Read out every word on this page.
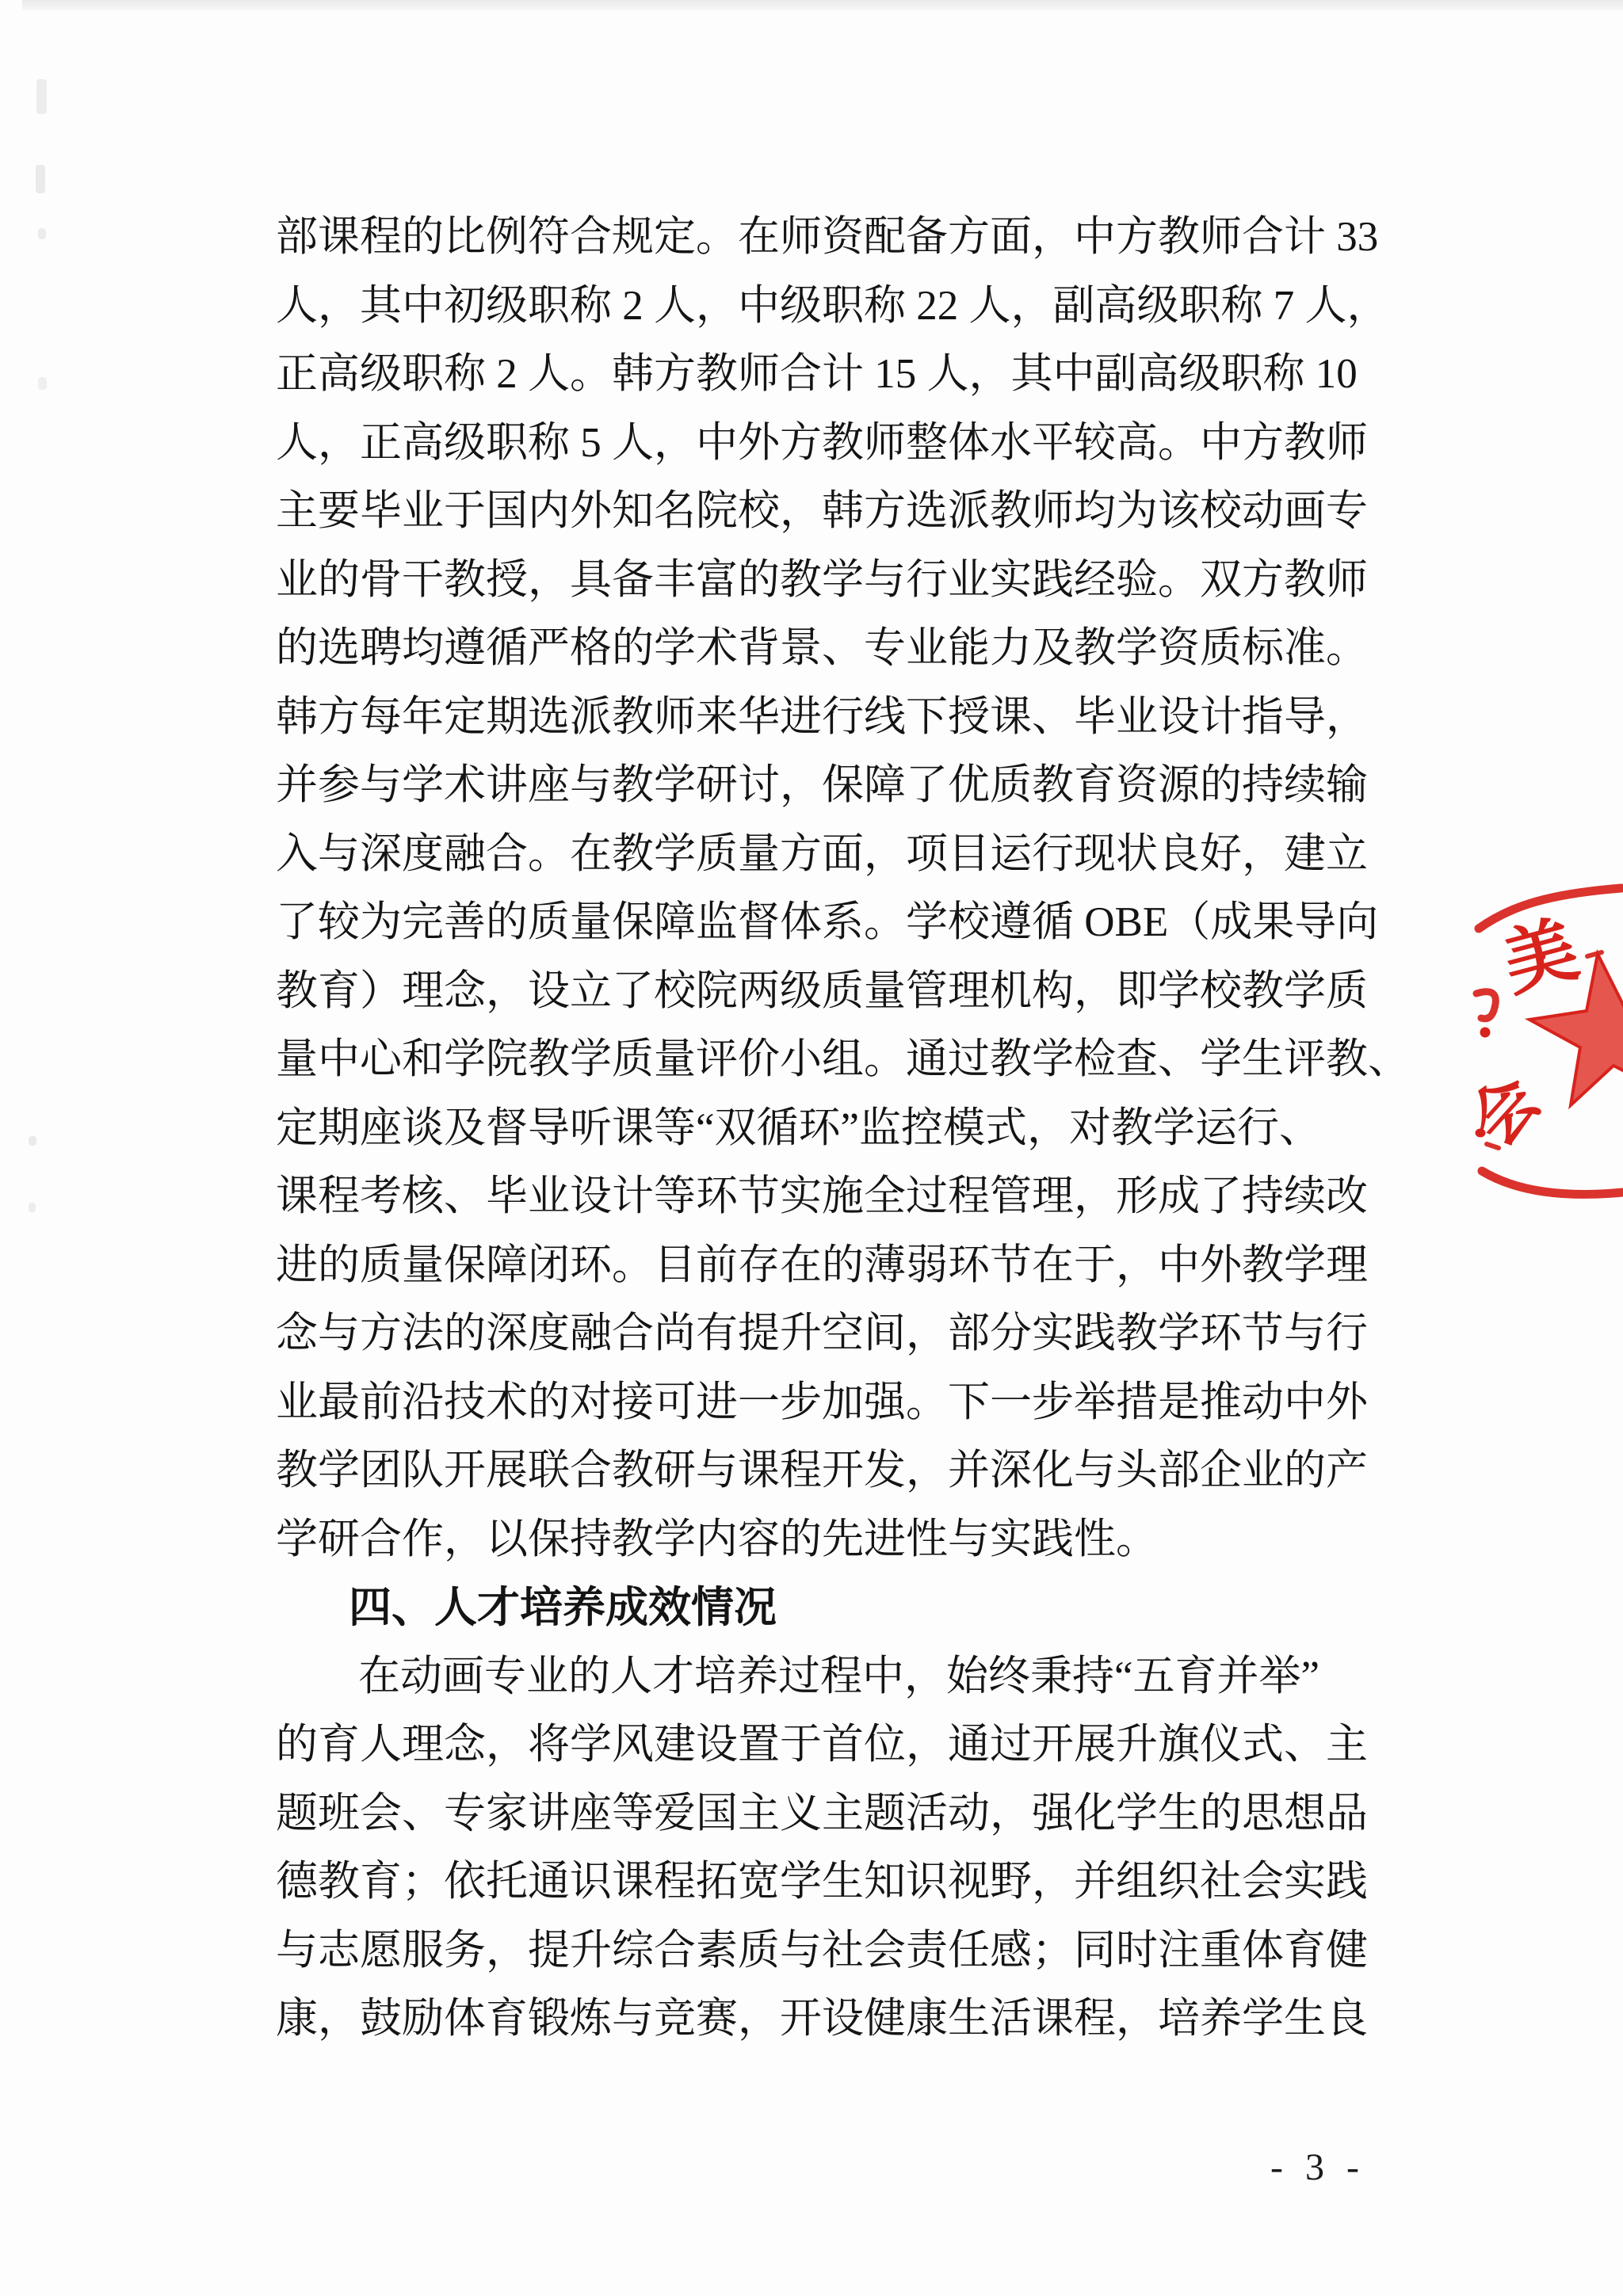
部课程的比例符合规定。在师资配备方面，中方教师合计 33
人，其中初级职称 2 人，中级职称 22 人，副高级职称 7 人，
正高级职称 2 人。韩方教师合计 15 人，其中副高级职称 10
人，正高级职称 5 人，中外方教师整体水平较高。中方教师
主要毕业于国内外知名院校，韩方选派教师均为该校动画专
业的骨干教授，具备丰富的教学与行业实践经验。双方教师
的选聘均遵循严格的学术背景、专业能力及教学资质标准。
韩方每年定期选派教师来华进行线下授课、毕业设计指导，
并参与学术讲座与教学研讨，保障了优质教育资源的持续输
入与深度融合。在教学质量方面，项目运行现状良好，建立
了较为完善的质量保障监督体系。学校遵循 OBE（成果导向
教育）理念，设立了校院两级质量管理机构，即学校教学质
量中心和学院教学质量评价小组。通过教学检查、学生评教、
定期座谈及督导听课等“双循环”监控模式，对教学运行、
课程考核、毕业设计等环节实施全过程管理，形成了持续改
进的质量保障闭环。目前存在的薄弱环节在于，中外教学理
念与方法的深度融合尚有提升空间，部分实践教学环节与行
业最前沿技术的对接可进一步加强。下一步举措是推动中外
教学团队开展联合教研与课程开发，并深化与头部企业的产
学研合作，以保持教学内容的先进性与实践性。
四、人才培养成效情况
在动画专业的人才培养过程中，始终秉持“五育并举”
的育人理念，将学风建设置于首位，通过开展升旗仪式、主
题班会、专家讲座等爱国主义主题活动，强化学生的思想品
德教育；依托通识课程拓宽学生知识视野，并组织社会实践
与志愿服务，提升综合素质与社会责任感；同时注重体育健
康，鼓励体育锻炼与竞赛，开设健康生活课程，培养学生良
美
会
- 3 -
